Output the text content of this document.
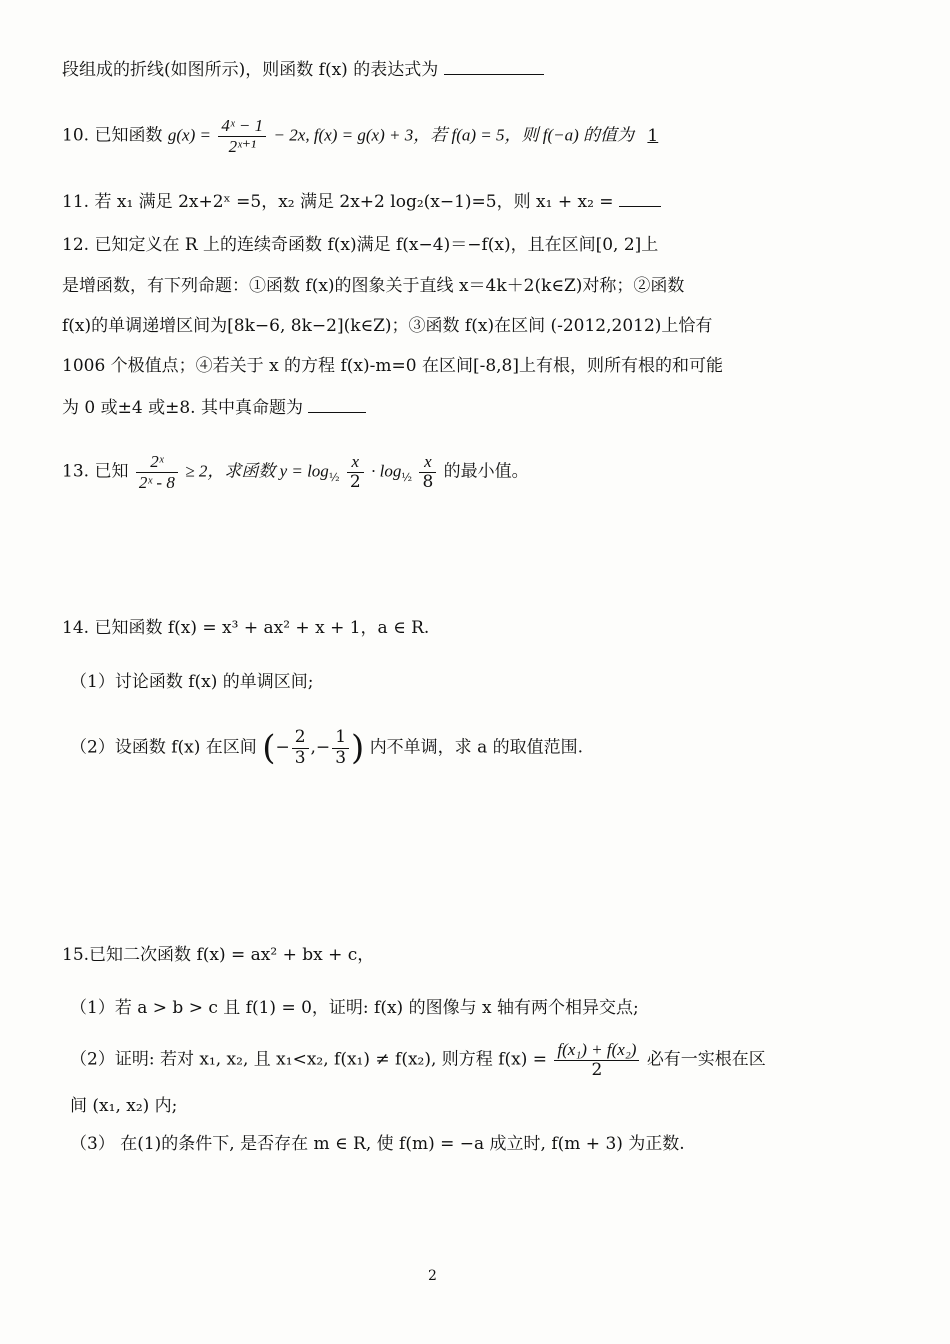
段组成的折线(如图所示)，则函数 f(x) 的表达式为
10. 已知函数 $g(x) = \frac{\text{4ˣ − 1}}{\text{2ˣ⁺¹}} - 2x$, f(x) = g(x) + 3，若 f(a) = 5，则 f(−a) 的值为 1
11. 若 x₁ 满足 2x+2ˣ =5，x₂ 满足 2x+2 log₂(x−1)=5，则 x₁ + x₂ =
12. 已知定义在 R 上的连续奇函数 f(x)满足 f(x−4)＝−f(x)，且在区间[0, 2]上
是增函数，有下列命题：①函数 f(x)的图象关于直线 x＝4k＋2(k∈Z)对称；②函数
f(x)的单调递增区间为[8k−6, 8k−2](k∈Z)；③函数 f(x)在区间 (-2012,2012)上恰有
1006 个极值点；④若关于 x 的方程 f(x)-m=0 在区间[-8,8]上有根，则所有根的和可能
为 0 或±4 或±8. 其中真命题为
13. 已知 $\frac{\text{2ˣ}}{\text{2ˣ - 8}} \ge 2$，求函数 $y = \log_{\frac{1}{2}} \frac{x}{2} \cdot \log_{\frac{1}{2}} \frac{x}{8}$ 的最小值。
14. 已知函数 f(x) = x³ + ax² + x + 1，a ∈ R.
（1）讨论函数 f(x) 的单调区间;
（2）设函数 f(x) 在区间 (− $\frac{2}{3}$ ,− $\frac{1}{3}$ ) 内不单调，求 a 的取值范围.
15.已知二次函数 f(x) = ax² + bx + c，
（1）若 a > b > c 且 f(1) = 0，证明: f(x) 的图像与 x 轴有两个相异交点;
（2）证明: 若对 x₁, x₂, 且 x₁<x₂, f(x₁) ≠ f(x₂), 则方程 $f(x) = \frac{\text{f(x₁) + f(x₂)}}{2}$ 必有一实根在区
间 (x₁, x₂) 内;
（3） 在(1)的条件下, 是否存在 m ∈ R, 使 f(m) = −a 成立时, f(m + 3) 为正数.
2
